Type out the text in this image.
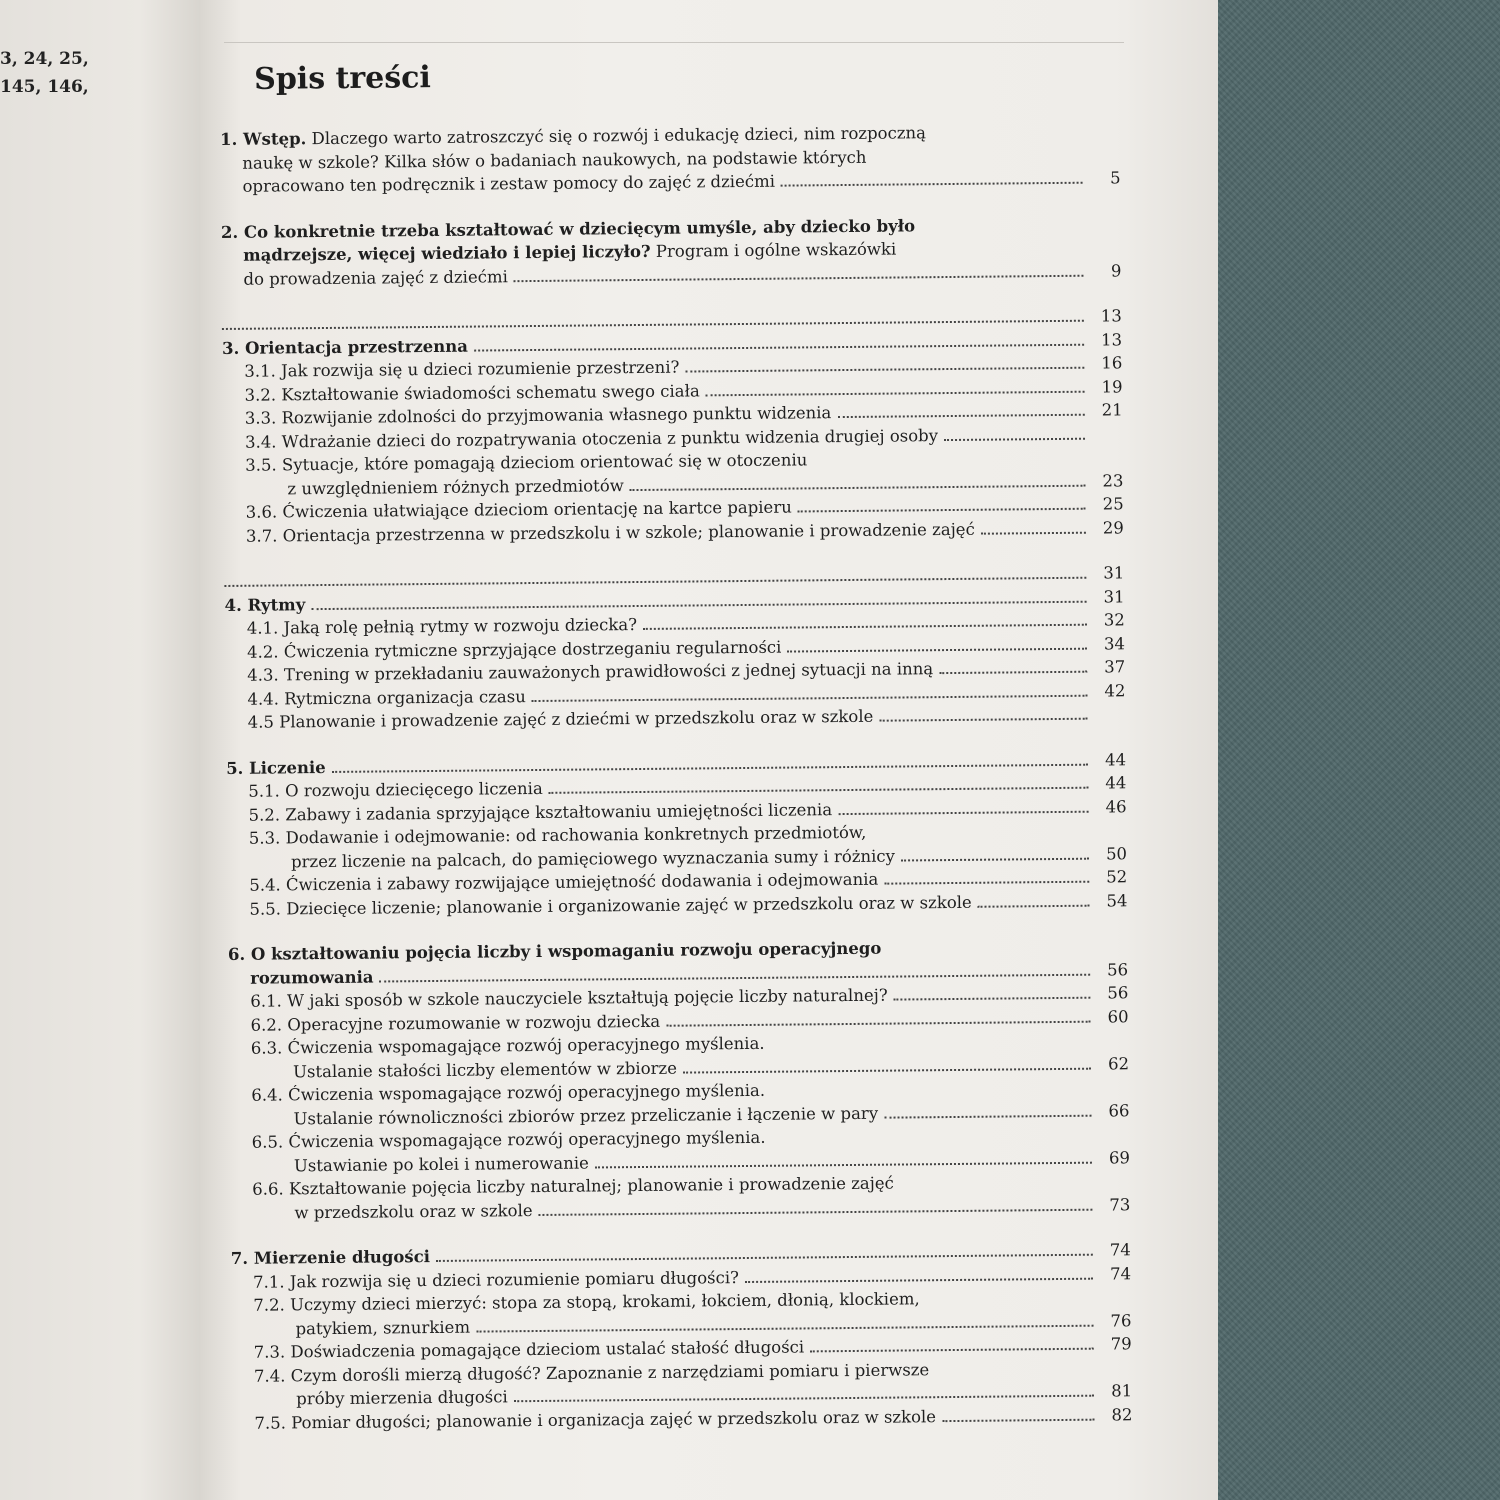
3, 24, 25,
145, 146,	Spis treści
1. Wstęp. Dlaczego warto zatroszczyć się o rozwój i edukację dzieci, nim rozpoczną
naukę w szkole? Kilka słów o badaniach naukowych, na podstawie których
opracowano ten podręcznik i zestaw pomocy do zajęć z dziećmi	5
2. Co konkretnie trzeba kształtować w dziecięcym umyśle, aby dziecko było
mądrzejsze, więcej wiedziało i lepiej liczyło? Program i ogólne wskazówki
do prowadzenia zajęć z dziećmi	9
13
3. Orientacja przestrzenna	13
3.1. Jak rozwija się u dzieci rozumienie przestrzeni?	16
3.2. Kształtowanie świadomości schematu swego ciała	19
3.3. Rozwijanie zdolności do przyjmowania własnego punktu widzenia	21
3.4. Wdrażanie dzieci do rozpatrywania otoczenia z punktu widzenia drugiej osoby
3.5. Sytuacje, które pomagają dzieciom orientować się w otoczeniu
z uwzględnieniem różnych przedmiotów	23
3.6. Ćwiczenia ułatwiające dzieciom orientację na kartce papieru	25
3.7. Orientacja przestrzenna w przedszkolu i w szkole; planowanie i prowadzenie zajęć	29
31
4. Rytmy	31
4.1. Jaką rolę pełnią rytmy w rozwoju dziecka?	32
4.2. Ćwiczenia rytmiczne sprzyjające dostrzeganiu regularności	34
4.3. Trening w przekładaniu zauważonych prawidłowości z jednej sytuacji na inną	37
4.4. Rytmiczna organizacja czasu	42
4.5 Planowanie i prowadzenie zajęć z dziećmi w przedszkolu oraz w szkole
5. Liczenie	44
5.1. O rozwoju dziecięcego liczenia	44
5.2. Zabawy i zadania sprzyjające kształtowaniu umiejętności liczenia	46
5.3. Dodawanie i odejmowanie: od rachowania konkretnych przedmiotów,
przez liczenie na palcach, do pamięciowego wyznaczania sumy i różnicy	50
5.4. Ćwiczenia i zabawy rozwijające umiejętność dodawania i odejmowania	52
5.5. Dziecięce liczenie; planowanie i organizowanie zajęć w przedszkolu oraz w szkole	54
6. O kształtowaniu pojęcia liczby i wspomaganiu rozwoju operacyjnego
rozumowania	56
6.1. W jaki sposób w szkole nauczyciele kształtują pojęcie liczby naturalnej?	56
6.2. Operacyjne rozumowanie w rozwoju dziecka	60
6.3. Ćwiczenia wspomagające rozwój operacyjnego myślenia.
Ustalanie stałości liczby elementów w zbiorze	62
6.4. Ćwiczenia wspomagające rozwój operacyjnego myślenia.
Ustalanie równoliczności zbiorów przez przeliczanie i łączenie w pary	66
6.5. Ćwiczenia wspomagające rozwój operacyjnego myślenia.
Ustawianie po kolei i numerowanie	69
6.6. Kształtowanie pojęcia liczby naturalnej; planowanie i prowadzenie zajęć
w przedszkolu oraz w szkole	73
7. Mierzenie długości	74
7.1. Jak rozwija się u dzieci rozumienie pomiaru długości?	74
7.2. Uczymy dzieci mierzyć: stopa za stopą, krokami, łokciem, dłonią, klockiem,
patykiem, sznurkiem	76
7.3. Doświadczenia pomagające dzieciom ustalać stałość długości	79
7.4. Czym dorośli mierzą długość? Zapoznanie z narzędziami pomiaru i pierwsze
próby mierzenia długości	81
7.5. Pomiar długości; planowanie i organizacja zajęć w przedszkolu oraz w szkole	82
